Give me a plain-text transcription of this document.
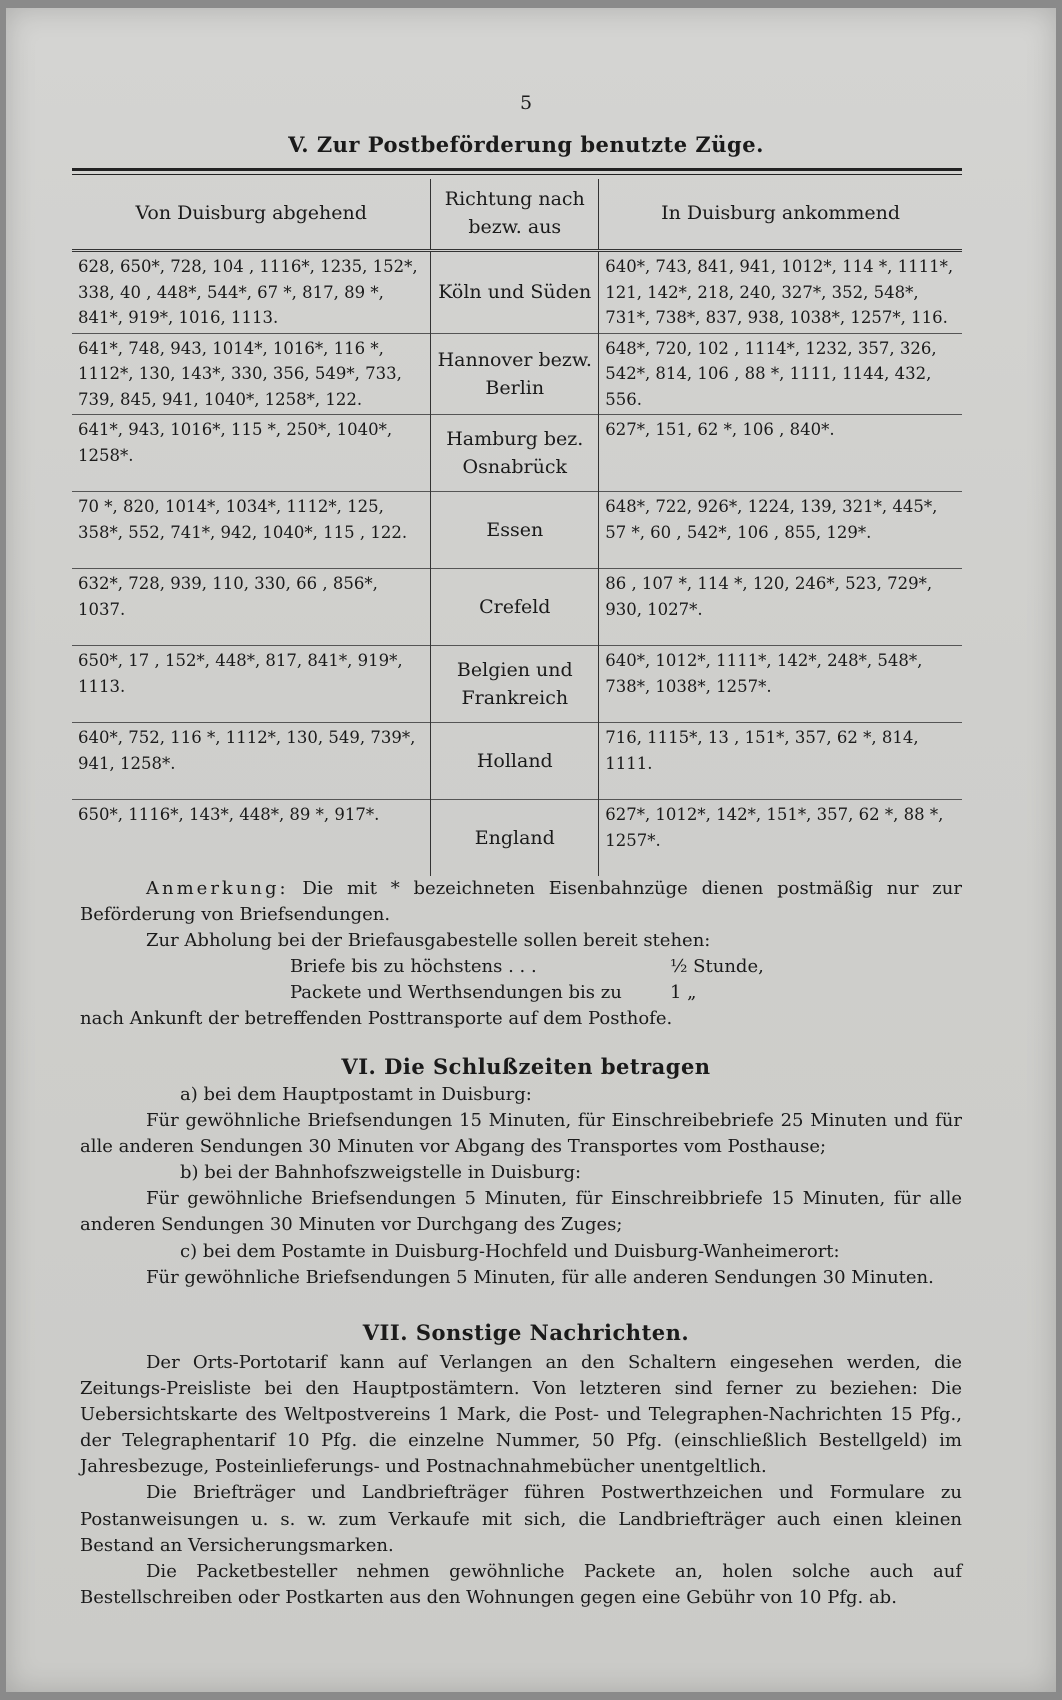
5
V. Zur Postbeförderung benutzte Züge.
Von Duisburg abgehend	Richtung nach bezw. aus	In Duisburg ankommend
628, 650*, 728, 104 , 1116*, 1235, 152*, 338, 40 , 448*, 544*, 67 *, 817, 89 *, 841*, 919*, 1016, 1113.	Köln und Süden	640*, 743, 841, 941, 1012*, 114 *, 1111*, 121, 142*, 218, 240, 327*, 352, 548*, 731*, 738*, 837, 938, 1038*, 1257*, 116.
641*, 748, 943, 1014*, 1016*, 116 *, 1112*, 130, 143*, 330, 356, 549*, 733, 739, 845, 941, 1040*, 1258*, 122.	Hannover bezw. Berlin	648*, 720, 102 , 1114*, 1232, 357, 326, 542*, 814, 106 , 88 *, 1111, 1144, 432, 556.
641*, 943, 1016*, 115 *, 250*, 1040*, 1258*.	Hamburg bez. Osnabrück	627*, 151, 62 *, 106 , 840*.
70 *, 820, 1014*, 1034*, 1112*, 125, 358*, 552, 741*, 942, 1040*, 115 , 122.	Essen	648*, 722, 926*, 1224, 139, 321*, 445*, 57 *, 60 , 542*, 106 , 855, 129*.
632*, 728, 939, 110, 330, 66 , 856*, 1037.	Crefeld	86 , 107 *, 114 *, 120, 246*, 523, 729*, 930, 1027*.
650*, 17 , 152*, 448*, 817, 841*, 919*, 1113.	Belgien und Frankreich	640*, 1012*, 1111*, 142*, 248*, 548*, 738*, 1038*, 1257*.
640*, 752, 116 *, 1112*, 130, 549, 739*, 941, 1258*.	Holland	716, 1115*, 13 , 151*, 357, 62 *, 814, 1111.
650*, 1116*, 143*, 448*, 89 *, 917*.	England	627*, 1012*, 142*, 151*, 357, 62 *, 88 *, 1257*.

Anmerkung: Die mit * bezeichneten Eisenbahnzüge dienen postmäßig nur zur Beförderung von Briefsendungen.

Zur Abholung bei der Briefausgabestelle sollen bereit stehen:

Briefe bis zu höchstens . . .	½ Stunde,
Packete und Werthsendungen bis zu	1 „

nach Ankunft der betreffenden Posttransporte auf dem Posthofe.

VI. Die Schlußzeiten betragen

a) bei dem Hauptpostamt in Duisburg:

Für gewöhnliche Briefsendungen 15 Minuten, für Einschreibebriefe 25 Minuten und für alle anderen Sendungen 30 Minuten vor Abgang des Transportes vom Posthause;

b) bei der Bahnhofszweigstelle in Duisburg:

Für gewöhnliche Briefsendungen 5 Minuten, für Einschreibbriefe 15 Minuten, für alle anderen Sendungen 30 Minuten vor Durchgang des Zuges;

c) bei dem Postamte in Duisburg-Hochfeld und Duisburg-Wanheimerort:

Für gewöhnliche Briefsendungen 5 Minuten, für alle anderen Sendungen 30 Minuten.

VII. Sonstige Nachrichten.

Der Orts-Portotarif kann auf Verlangen an den Schaltern eingesehen werden, die Zeitungs-Preisliste bei den Hauptpostämtern. Von letzteren sind ferner zu beziehen: Die Uebersichtskarte des Weltpostvereins 1 Mark, die Post- und Telegraphen-Nachrichten 15 Pfg., der Telegraphentarif 10 Pfg. die einzelne Nummer, 50 Pfg. (einschließlich Bestellgeld) im Jahresbezuge, Posteinlieferungs- und Postnachnahmebücher unentgeltlich.

Die Briefträger und Landbriefträger führen Postwerthzeichen und Formulare zu Postanweisungen u. s. w. zum Verkaufe mit sich, die Landbriefträger auch einen kleinen Bestand an Versicherungsmarken.

Die Packetbesteller nehmen gewöhnliche Packete an, holen solche auch auf Bestellschreiben oder Postkarten aus den Wohnungen gegen eine Gebühr von 10 Pfg. ab.
